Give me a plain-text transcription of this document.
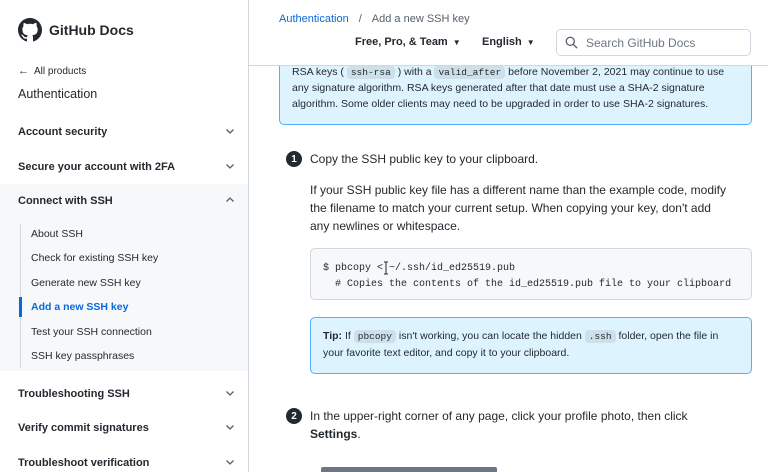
GitHub Docs
← All products
Authentication
Account security
Secure your account with 2FA
Connect with SSH
About SSH
Check for existing SSH key
Generate new SSH key
Add a new SSH key
Test your SSH connection
SSH key passphrases
Troubleshooting SSH
Verify commit signatures
Troubleshoot verification
Authentication / Add a new SSH key
Free, Pro, & Team ▼ English ▼
Search GitHub Docs
RSA keys ( ssh-rsa ) with a valid_after before November 2, 2021 may continue to use
any signature algorithm. RSA keys generated after that date must use a SHA-2 signature
algorithm. Some older clients may need to be upgraded in order to use SHA-2 signatures.
1	Copy the SSH public key to your clipboard.
If your SSH public key file has a different name than the example code, modify
the filename to match your current setup. When copying your key, don't add
any newlines or whitespace.
$ pbcopy < ~/.ssh/id_ed25519.pub
# Copies the contents of the id_ed25519.pub file to your clipboard
Tip: If pbcopy isn't working, you can locate the hidden .ssh folder, open the file in
your favorite text editor, and copy it to your clipboard.
2	In the upper-right corner of any page, click your profile photo, then click
Settings.
